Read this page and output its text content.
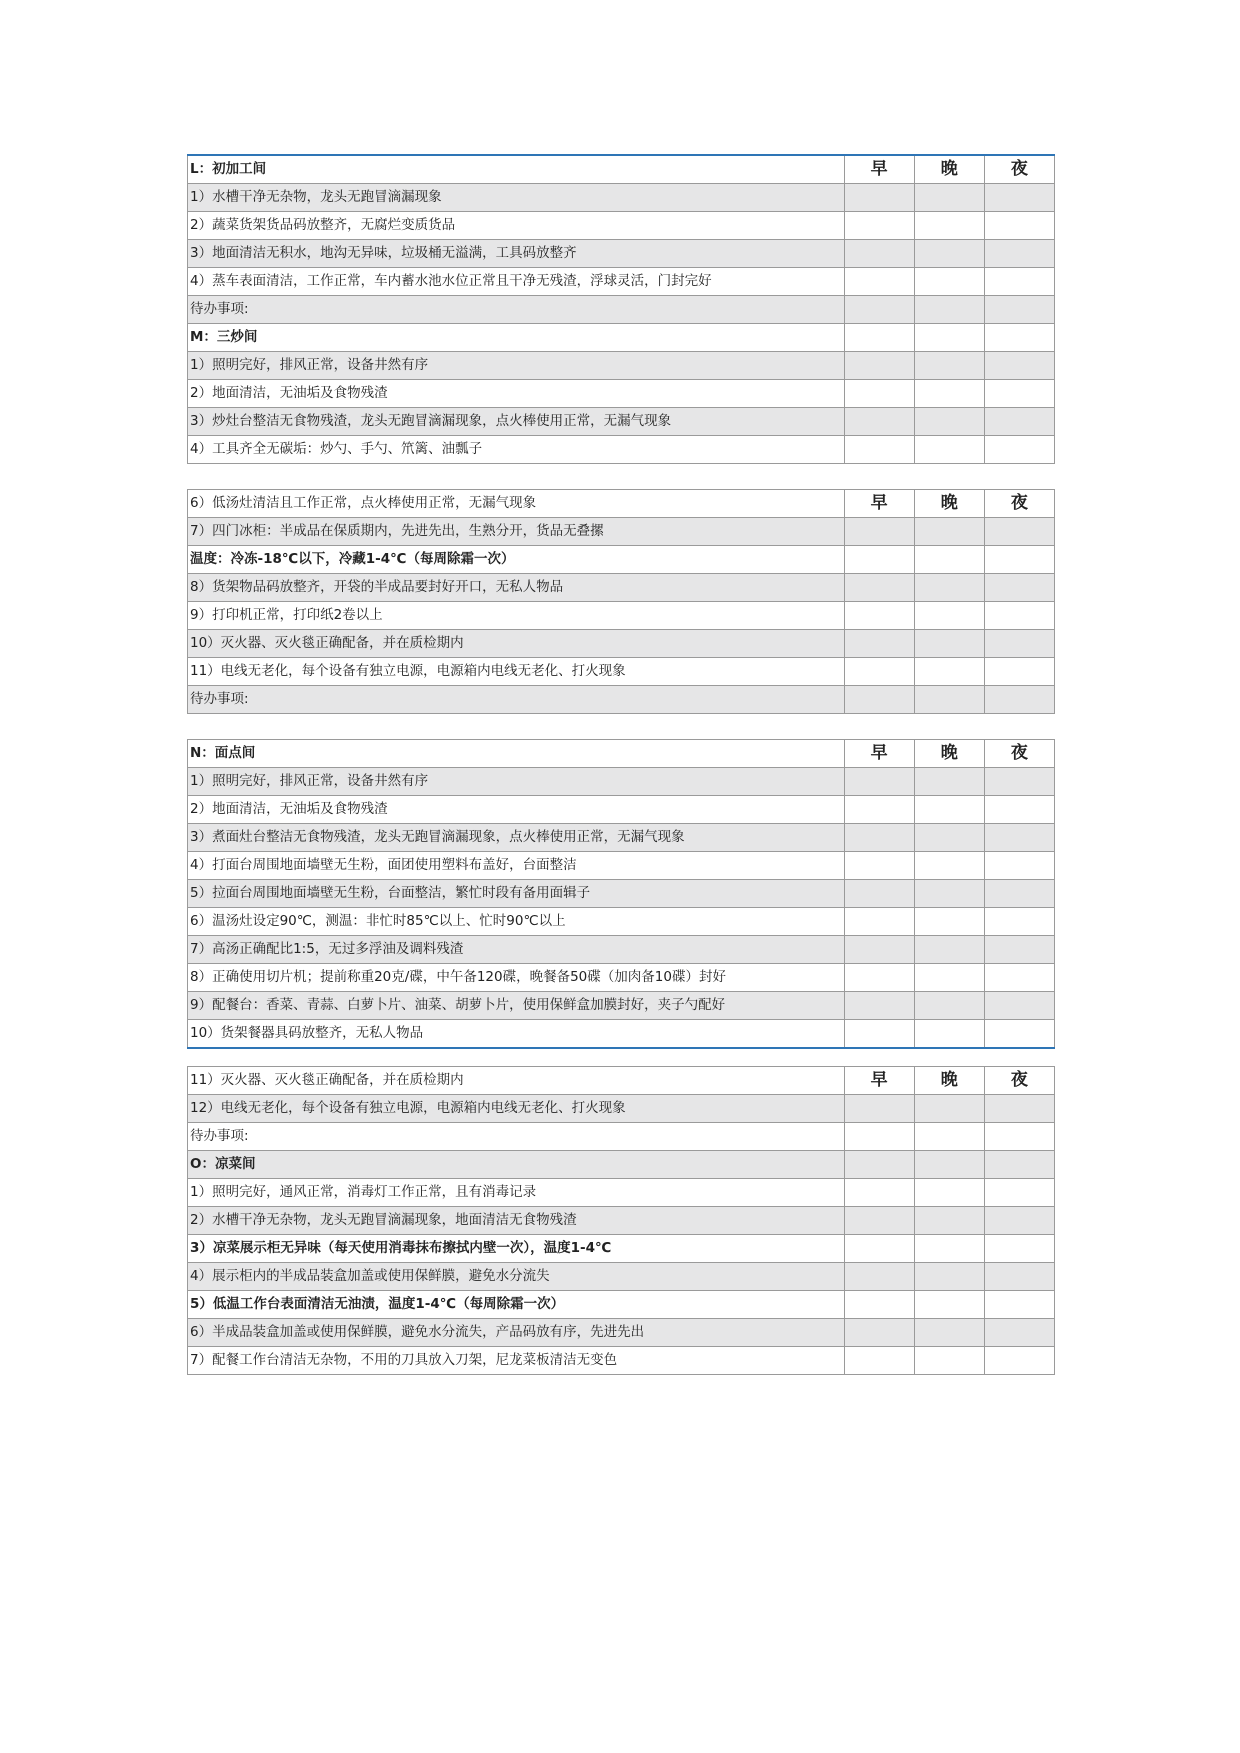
L：初加工间	早	晚	夜
1）水槽干净无杂物，龙头无跑冒滴漏现象			
2）蔬菜货架货品码放整齐，无腐烂变质货品			
3）地面清洁无积水，地沟无异味，垃圾桶无溢满，工具码放整齐			
4）蒸车表面清洁，工作正常，车内蓄水池水位正常且干净无残渣，浮球灵活，门封完好			
待办事项:			
M：三炒间			
1）照明完好，排风正常，设备井然有序			
2）地面清洁，无油垢及食物残渣			
3）炒灶台整洁无食物残渣，龙头无跑冒滴漏现象，点火棒使用正常，无漏气现象			
4）工具齐全无碳垢：炒勺、手勺、笊篱、油瓢子			
6）低汤灶清洁且工作正常，点火棒使用正常，无漏气现象	早	晚	夜
7）四门冰柜：半成品在保质期内，先进先出，生熟分开，货品无叠摞			
温度：冷冻-18℃以下，冷藏1-4℃（每周除霜一次）			
8）货架物品码放整齐，开袋的半成品要封好开口，无私人物品			
9）打印机正常，打印纸2卷以上			
10）灭火器、灭火毯正确配备，并在质检期内			
11）电线无老化，每个设备有独立电源，电源箱内电线无老化、打火现象			
待办事项:			
N：面点间	早	晚	夜
1）照明完好，排风正常，设备井然有序			
2）地面清洁，无油垢及食物残渣			
3）煮面灶台整洁无食物残渣，龙头无跑冒滴漏现象，点火棒使用正常，无漏气现象			
4）打面台周围地面墙壁无生粉，面团使用塑料布盖好，台面整洁			
5）拉面台周围地面墙壁无生粉，台面整洁，繁忙时段有备用面辑子			
6）温汤灶设定90℃，测温：非忙时85℃以上、忙时90℃以上			
7）高汤正确配比1:5，无过多浮油及调料残渣			
8）正确使用切片机；提前称重20克/碟，中午备120碟，晚餐备50碟（加肉备10碟）封好			
9）配餐台：香菜、青蒜、白萝卜片、油菜、胡萝卜片，使用保鲜盒加膜封好，夹子勺配好			
10）货架餐器具码放整齐，无私人物品			
11）灭火器、灭火毯正确配备，并在质检期内	早	晚	夜
12）电线无老化，每个设备有独立电源，电源箱内电线无老化、打火现象			
待办事项:			
O：凉菜间			
1）照明完好，通风正常，消毒灯工作正常，且有消毒记录			
2）水槽干净无杂物，龙头无跑冒滴漏现象，地面清洁无食物残渣			
3）凉菜展示柜无异味（每天使用消毒抹布擦拭内壁一次），温度1-4℃			
4）展示柜内的半成品装盒加盖或使用保鲜膜，避免水分流失			
5）低温工作台表面清洁无油渍，温度1-4℃（每周除霜一次）			
6）半成品装盒加盖或使用保鲜膜，避免水分流失，产品码放有序，先进先出			
7）配餐工作台清洁无杂物，不用的刀具放入刀架，尼龙菜板清洁无变色			
